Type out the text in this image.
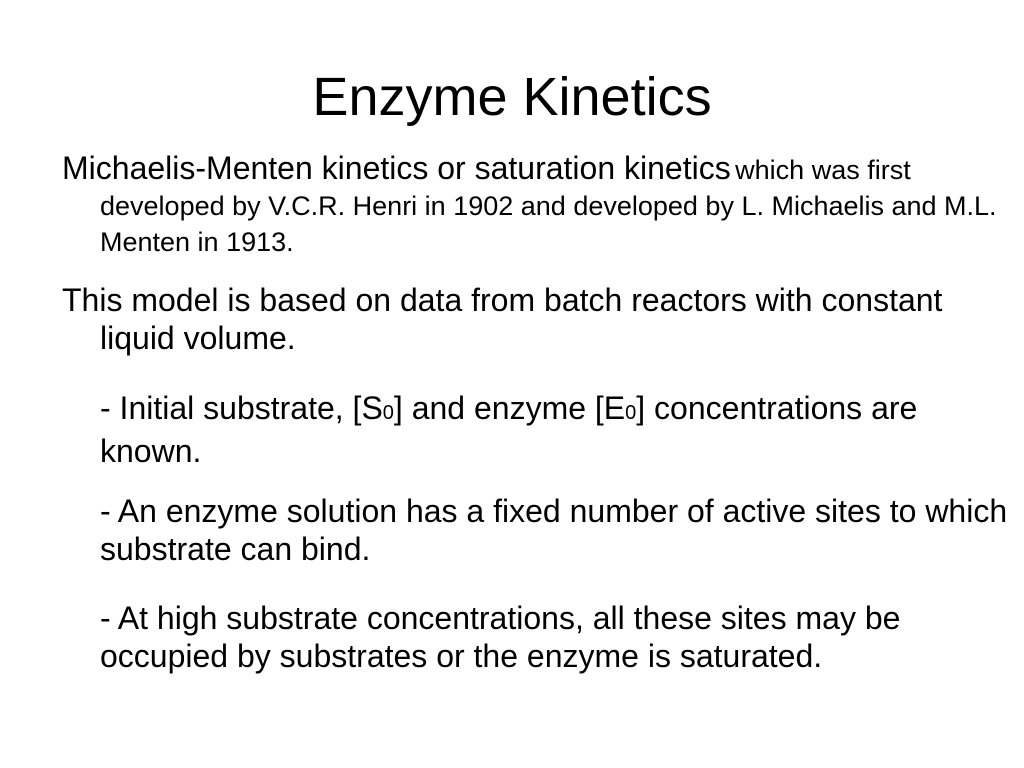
Enzyme Kinetics
Michaelis-Menten kinetics or saturation kinetics which was first developed by V.C.R. Henri in 1902 and developed by L. Michaelis and M.L. Menten in 1913.
This model is based on data from batch reactors with constant liquid volume.
- Initial substrate, [S0] and enzyme [E0] concentrations are known.
- An enzyme solution has a fixed number of active sites to which substrate can bind.
- At high substrate concentrations, all these sites may be occupied by substrates or the enzyme is saturated.
